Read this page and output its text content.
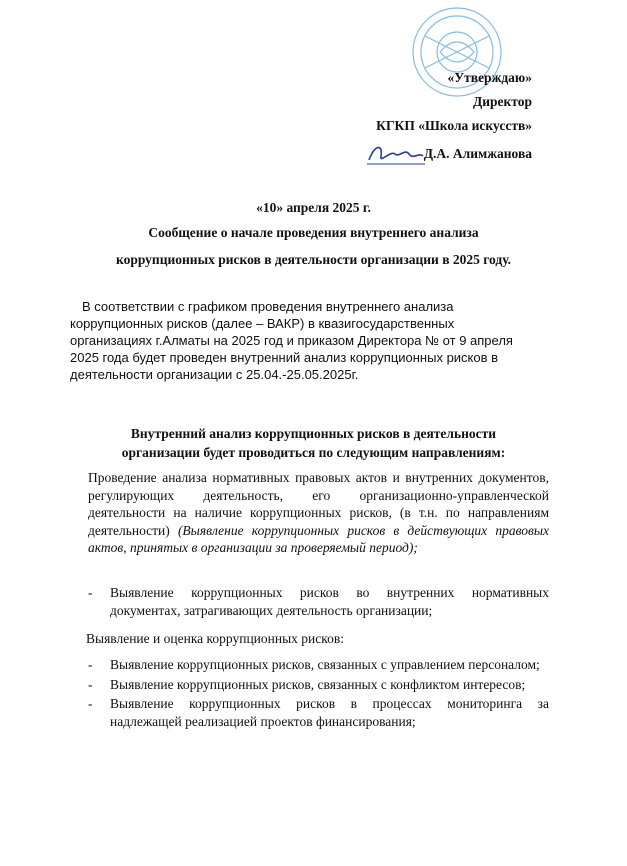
«Утверждаю»
Директор
КГКП «Школа искусств»
Д.А. Алимжанова
«10» апреля 2025 г.
Сообщение о начале проведения внутреннего анализа
коррупционных рисков в деятельности организации в 2025 году.
В соответствии с графиком проведения внутреннего анализа
коррупционных рисков (далее – ВАКР) в квазигосударственных
организациях г.Алматы на 2025 год и приказом Директора № от 9 апреля
2025 года будет проведен внутренний анализ коррупционных рисков в
деятельности организации с 25.04.-25.05.2025г.
Внутренний анализ коррупционных рисков в деятельности
организации будет проводиться по следующим направлениям:
Проведение анализа нормативных правовых актов и внутренних документов, регулирующих деятельность, его организационно-управленческой деятельности на наличие коррупционных рисков, (в т.н. по направлениям деятельности) (Выявление коррупционных рисков в действующих правовых актов, принятых в организации за проверяемый период);
-	Выявление коррупционных рисков во внутренних нормативных документах, затрагивающих деятельность организации;
Выявление и оценка коррупционных рисков:
-	Выявление коррупционных рисков, связанных с управлением персоналом;
-	Выявление коррупционных рисков, связанных с конфликтом интересов;
-	Выявление коррупционных рисков в процессах мониторинга за надлежащей реализацией проектов финансирования;
